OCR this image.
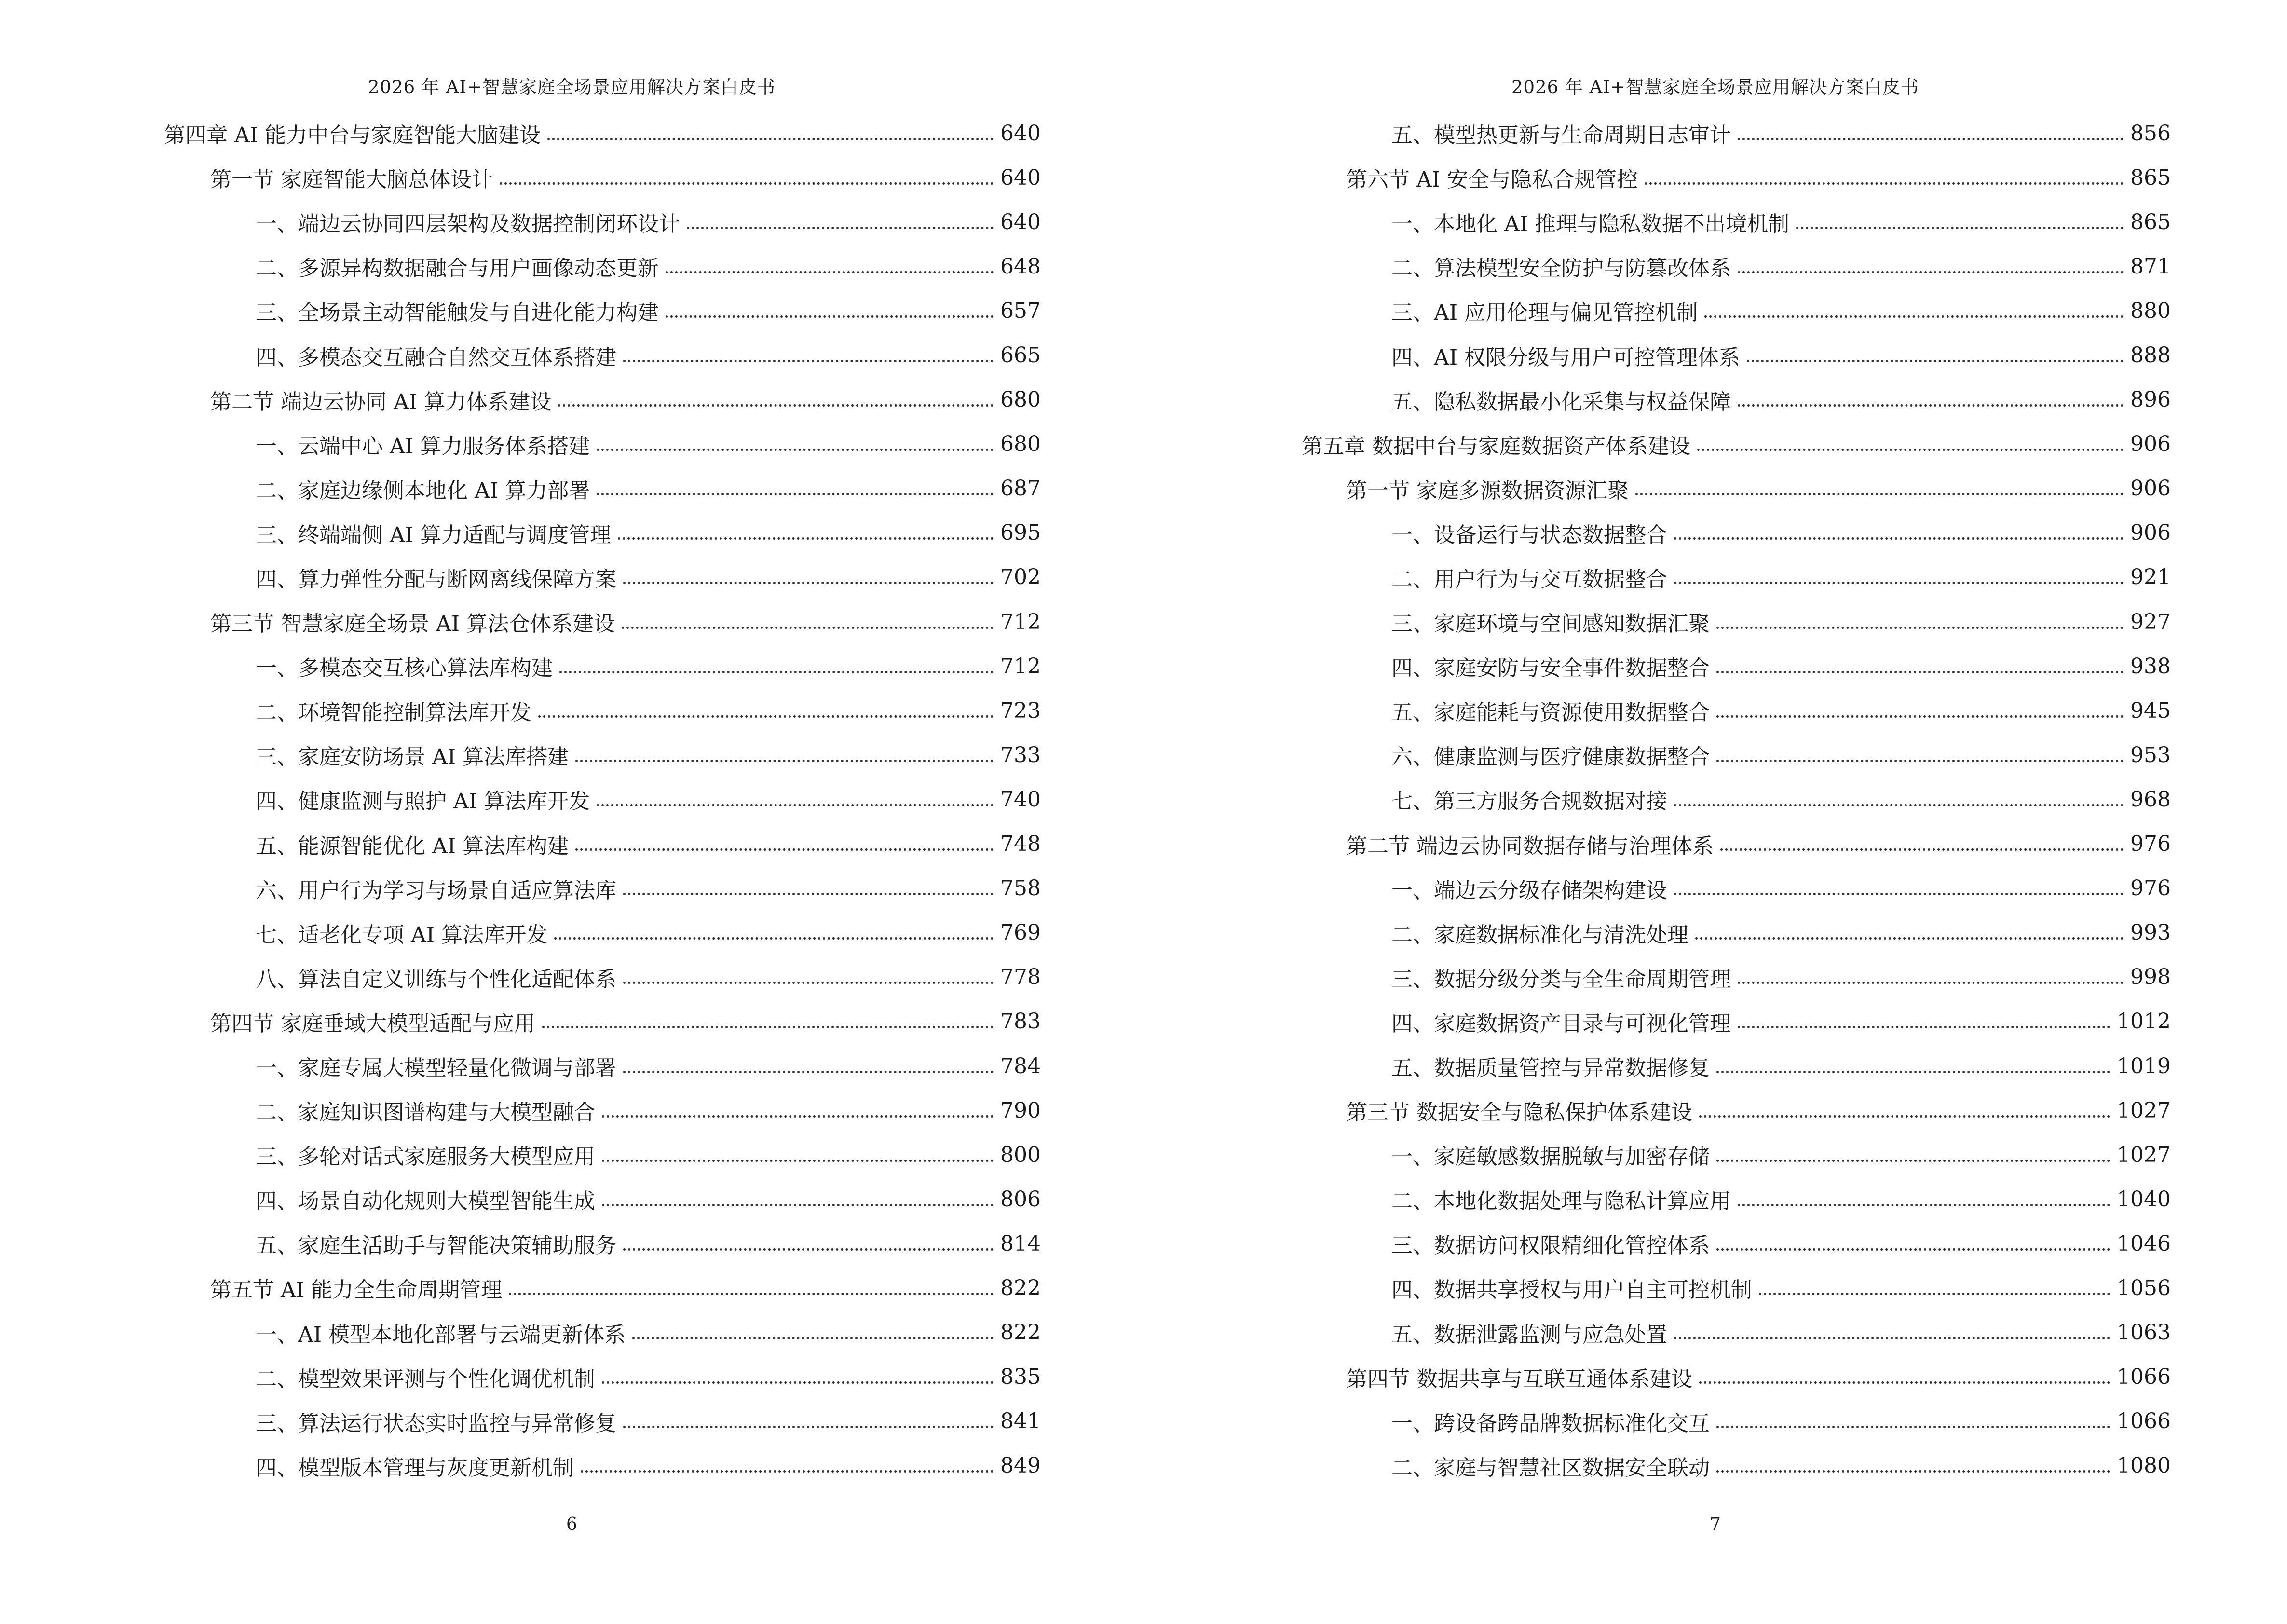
2026 年 AI+智慧家庭全场景应用解决方案白皮书
第四章 AI 能力中台与家庭智能大脑建设	640
第一节 家庭智能大脑总体设计	640
一、端边云协同四层架构及数据控制闭环设计	640
二、多源异构数据融合与用户画像动态更新	648
三、全场景主动智能触发与自进化能力构建	657
四、多模态交互融合自然交互体系搭建	665
第二节 端边云协同 AI 算力体系建设	680
一、云端中心 AI 算力服务体系搭建	680
二、家庭边缘侧本地化 AI 算力部署	687
三、终端端侧 AI 算力适配与调度管理	695
四、算力弹性分配与断网离线保障方案	702
第三节 智慧家庭全场景 AI 算法仓体系建设	712
一、多模态交互核心算法库构建	712
二、环境智能控制算法库开发	723
三、家庭安防场景 AI 算法库搭建	733
四、健康监测与照护 AI 算法库开发	740
五、能源智能优化 AI 算法库构建	748
六、用户行为学习与场景自适应算法库	758
七、适老化专项 AI 算法库开发	769
八、算法自定义训练与个性化适配体系	778
第四节 家庭垂域大模型适配与应用	783
一、家庭专属大模型轻量化微调与部署	784
二、家庭知识图谱构建与大模型融合	790
三、多轮对话式家庭服务大模型应用	800
四、场景自动化规则大模型智能生成	806
五、家庭生活助手与智能决策辅助服务	814
第五节 AI 能力全生命周期管理	822
一、AI 模型本地化部署与云端更新体系	822
二、模型效果评测与个性化调优机制	835
三、算法运行状态实时监控与异常修复	841
四、模型版本管理与灰度更新机制	849
6
2026 年 AI+智慧家庭全场景应用解决方案白皮书
五、模型热更新与生命周期日志审计	856
第六节 AI 安全与隐私合规管控	865
一、本地化 AI 推理与隐私数据不出境机制	865
二、算法模型安全防护与防篡改体系	871
三、AI 应用伦理与偏见管控机制	880
四、AI 权限分级与用户可控管理体系	888
五、隐私数据最小化采集与权益保障	896
第五章 数据中台与家庭数据资产体系建设	906
第一节 家庭多源数据资源汇聚	906
一、设备运行与状态数据整合	906
二、用户行为与交互数据整合	921
三、家庭环境与空间感知数据汇聚	927
四、家庭安防与安全事件数据整合	938
五、家庭能耗与资源使用数据整合	945
六、健康监测与医疗健康数据整合	953
七、第三方服务合规数据对接	968
第二节 端边云协同数据存储与治理体系	976
一、端边云分级存储架构建设	976
二、家庭数据标准化与清洗处理	993
三、数据分级分类与全生命周期管理	998
四、家庭数据资产目录与可视化管理	1012
五、数据质量管控与异常数据修复	1019
第三节 数据安全与隐私保护体系建设	1027
一、家庭敏感数据脱敏与加密存储	1027
二、本地化数据处理与隐私计算应用	1040
三、数据访问权限精细化管控体系	1046
四、数据共享授权与用户自主可控机制	1056
五、数据泄露监测与应急处置	1063
第四节 数据共享与互联互通体系建设	1066
一、跨设备跨品牌数据标准化交互	1066
二、家庭与智慧社区数据安全联动	1080
7
